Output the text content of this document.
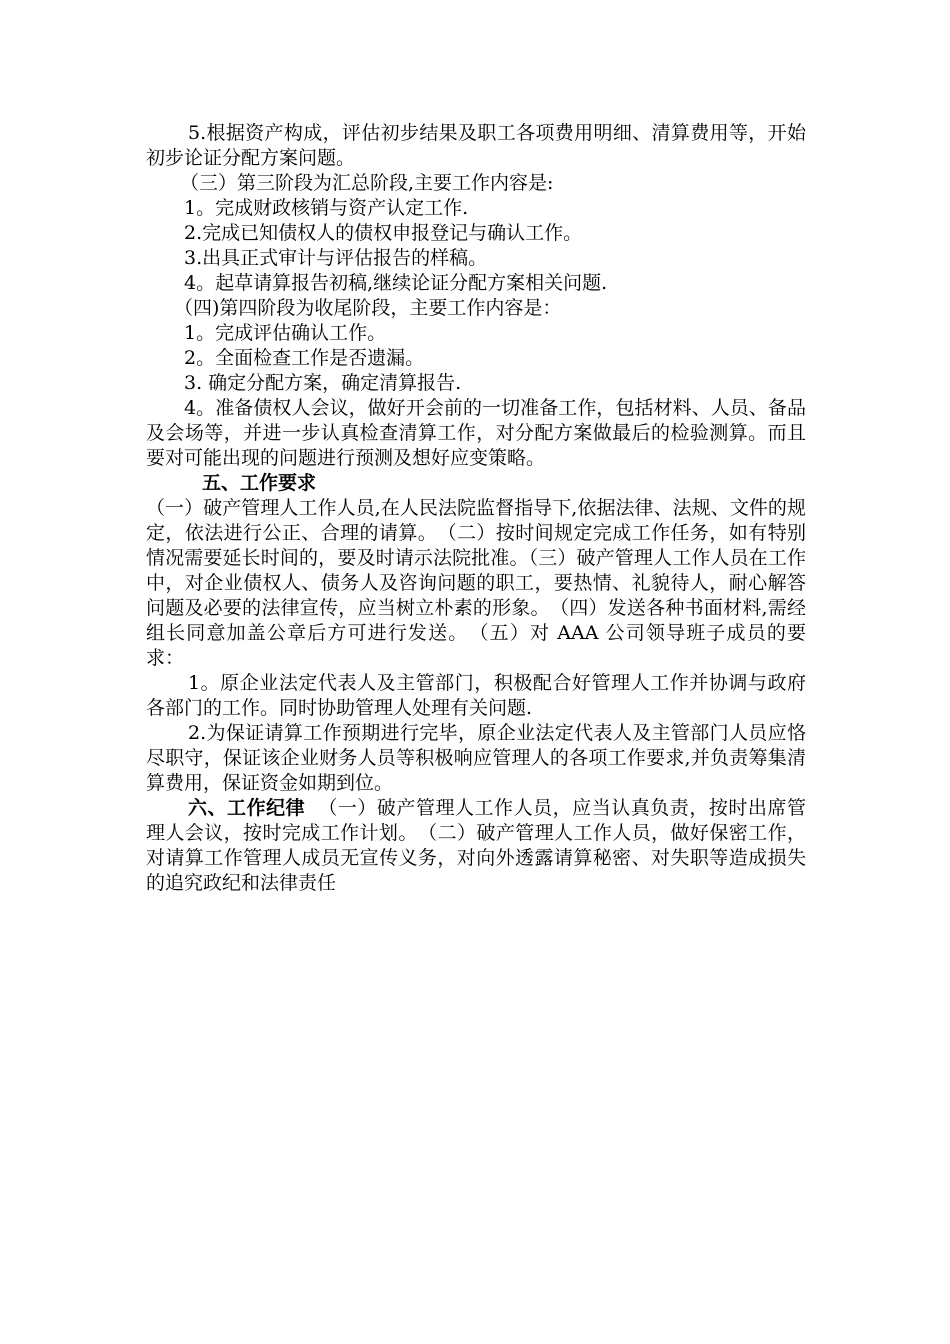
5.根据资产构成，评估初步结果及职工各项费用明细、清算费用等，开始初步论证分配方案问题。

（三）第三阶段为汇总阶段,主要工作内容是:

1。完成财政核销与资产认定工作.

2.完成已知债权人的债权申报登记与确认工作。

3.出具正式审计与评估报告的样稿。

4。起草请算报告初稿,继续论证分配方案相关问题.

（四)第四阶段为收尾阶段，主要工作内容是：

1。完成评估确认工作。

2。全面检查工作是否遗漏。

3. 确定分配方案，确定清算报告.

4。准备债权人会议，做好开会前的一切准备工作，包括材料、人员、备品及会场等，并进一步认真检查清算工作，对分配方案做最后的检验测算。而且要对可能出现的问题进行预测及想好应变策略。

五、工作要求

（一）破产管理人工作人员,在人民法院监督指导下,依据法律、法规、文件的规定，依法进行公正、合理的请算。　（二）按时间规定完成工作任务，如有特别情况需要延长时间的，要及时请示法院批准。（三）破产管理人工作人员在工作中，对企业债权人、债务人及咨询问题的职工，要热情、礼貌待人，耐心解答问题及必要的法律宣传，应当树立朴素的形象。　（四）发送各种书面材料,需经组长同意加盖公章后方可进行发送。　（五）对 AAA 公司领导班子成员的要求：

1。原企业法定代表人及主管部门，积极配合好管理人工作并协调与政府各部门的工作。同时协助管理人处理有关问题.

2.为保证请算工作预期进行完毕，原企业法定代表人及主管部门人员应恪尽职守，保证该企业财务人员等积极响应管理人的各项工作要求,并负责筹集清算费用，保证资金如期到位。

六、工作纪律 （一）破产管理人工作人员，应当认真负责，按时出席管理人会议，按时完成工作计划。　（二）破产管理人工作人员，做好保密工作，对请算工作管理人成员无宣传义务，对向外透露请算秘密、对失职等造成损失的追究政纪和法律责任
